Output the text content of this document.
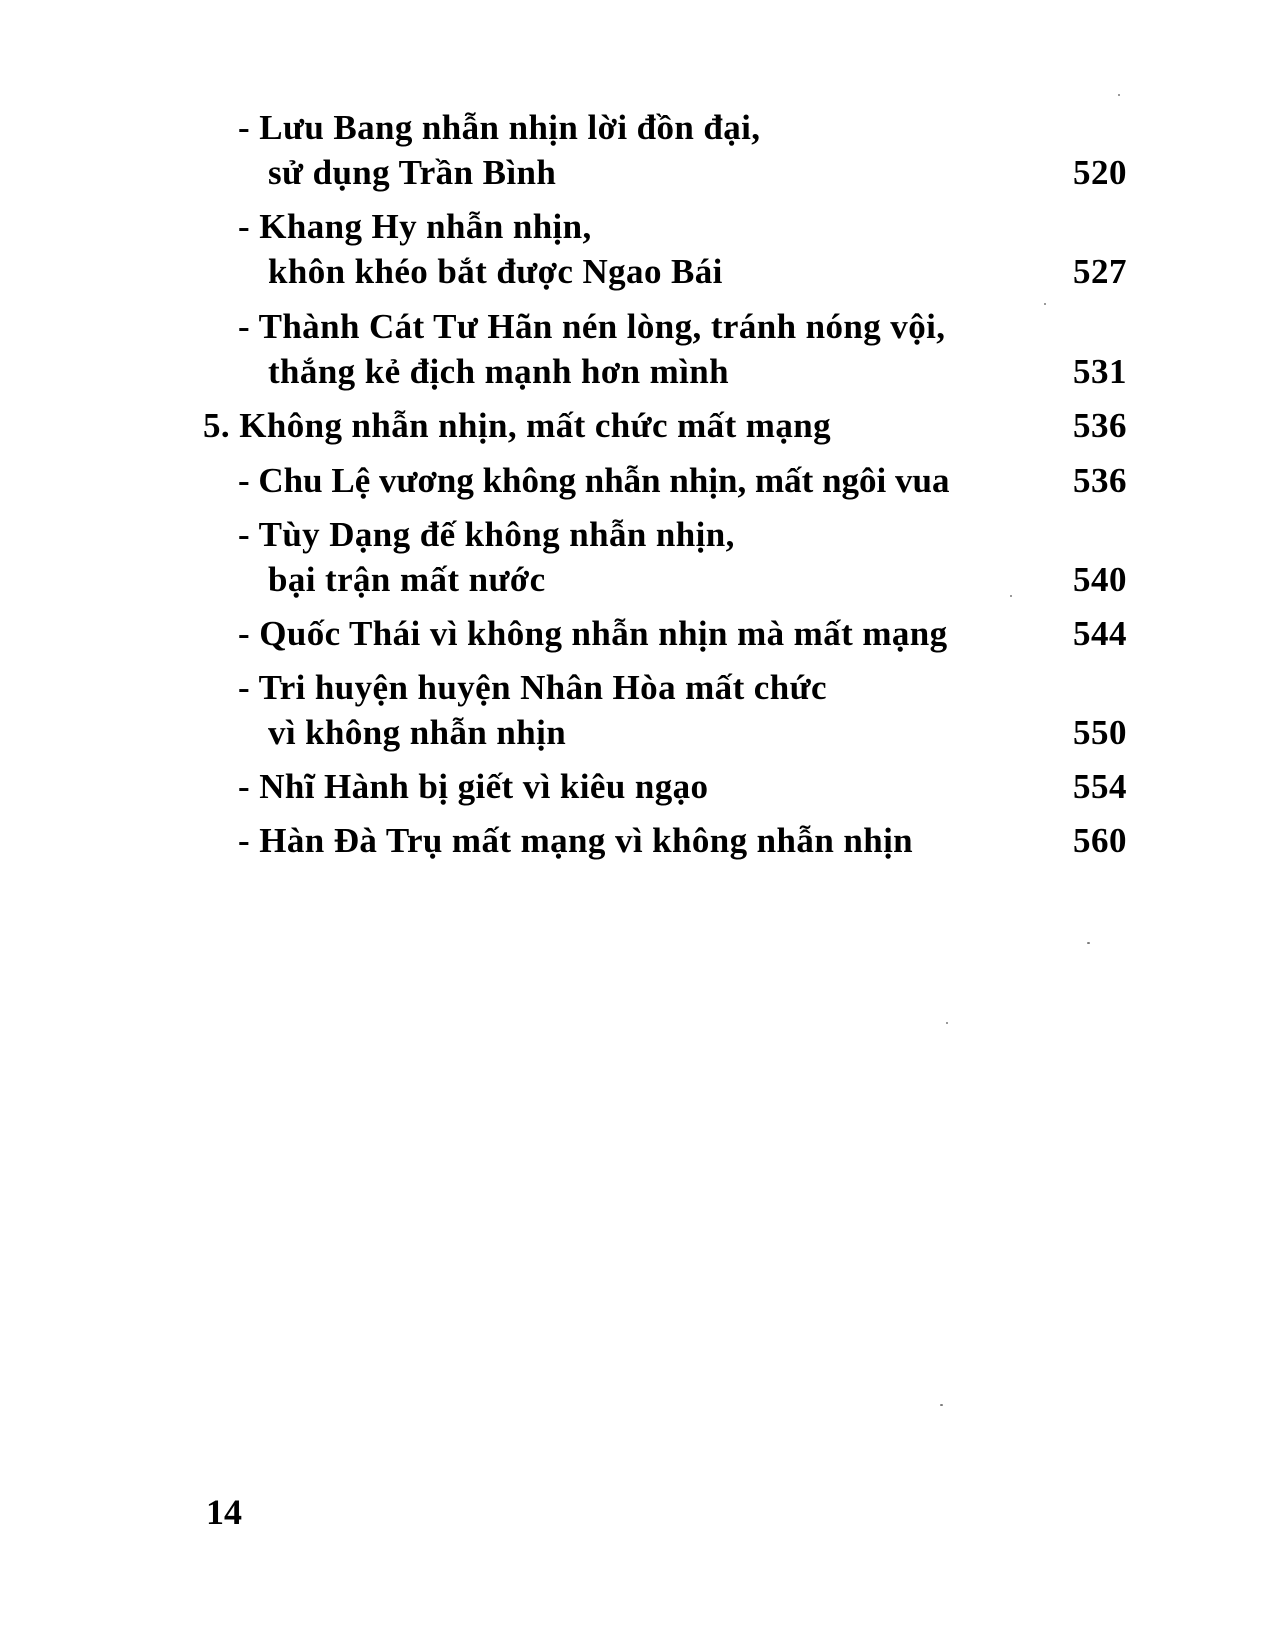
- Lưu Bang nhẫn nhịn lời đồn đại,
sử dụng Trần Bình	520
- Khang Hy nhẫn nhịn,
khôn khéo bắt được Ngao Bái	527
- Thành Cát Tư Hãn nén lòng, tránh nóng vội,
thắng kẻ địch mạnh hơn mình	531
5. Không nhẫn nhịn, mất chức mất mạng	536
- Chu Lệ vương không nhẫn nhịn, mất ngôi vua	536
- Tùy Dạng đế không nhẫn nhịn,
bại trận mất nước	540
- Quốc Thái vì không nhẫn nhịn mà mất mạng	544
- Tri huyện huyện Nhân Hòa mất chức
vì không nhẫn nhịn	550
- Nhĩ Hành bị giết vì kiêu ngạo	554
- Hàn Đà Trụ mất mạng vì không nhẫn nhịn	560
14
